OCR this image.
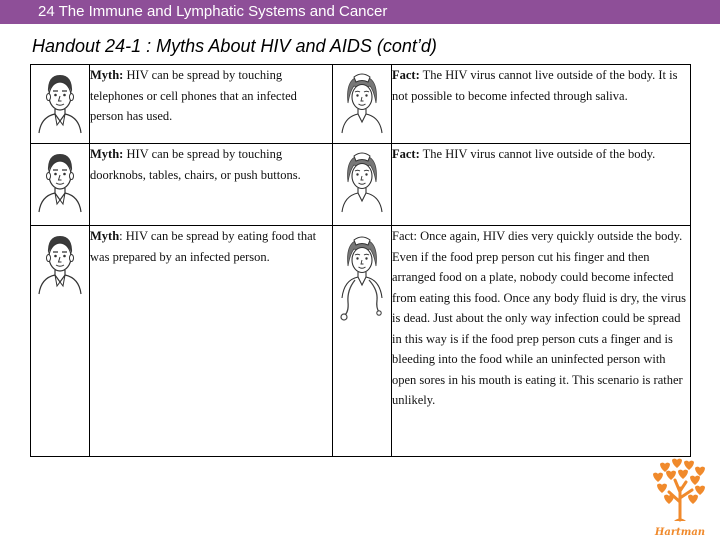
24 The Immune and Lymphatic Systems and Cancer
Handout 24-1 : Myths About HIV and AIDS (cont’d)
	Myth: HIV can be spread by touching telephones or cell phones that an infected person has used.		Fact: The HIV virus cannot live outside of the body. It is not possible to become infected through saliva.

	Myth: HIV can be spread by touching doorknobs, tables, chairs, or push buttons.		Fact: The HIV virus cannot live outside of the body.

	Myth: HIV can be spread by eating food that was prepared by an infected person.		Fact: Once again, HIV dies very quickly outside the body. Even if the food prep person cut his finger and then arranged food on a plate, nobody could become infected from eating this food. Once any body fluid is dry, the virus is dead. Just about the only way infection could be spread in this way is if the food prep person cuts a finger and is bleeding into the food while an uninfected person with open sores in his mouth is eating it. This scenario is rather unlikely.
Hartman
